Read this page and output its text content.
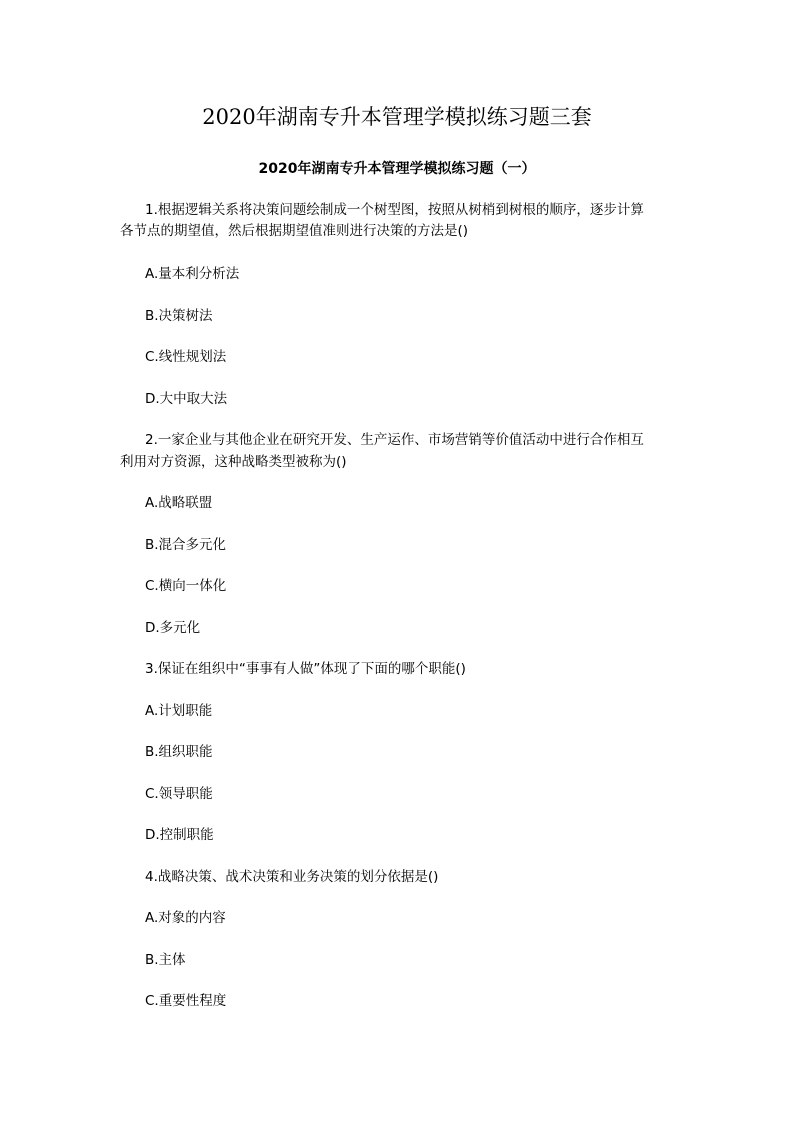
2020年湖南专升本管理学模拟练习题三套
2020年湖南专升本管理学模拟练习题（一）
1.根据逻辑关系将决策问题绘制成一个树型图，按照从树梢到树根的顺序，逐步计算
各节点的期望值，然后根据期望值准则进行决策的方法是()
A.量本利分析法
B.决策树法
C.线性规划法
D.大中取大法
2.一家企业与其他企业在研究开发、生产运作、市场营销等价值活动中进行合作相互
利用对方资源，这种战略类型被称为()
A.战略联盟
B.混合多元化
C.横向一体化
D.多元化
3.保证在组织中“事事有人做”体现了下面的哪个职能()
A.计划职能
B.组织职能
C.领导职能
D.控制职能
4.战略决策、战术决策和业务决策的划分依据是()
A.对象的内容
B.主体
C.重要性程度
